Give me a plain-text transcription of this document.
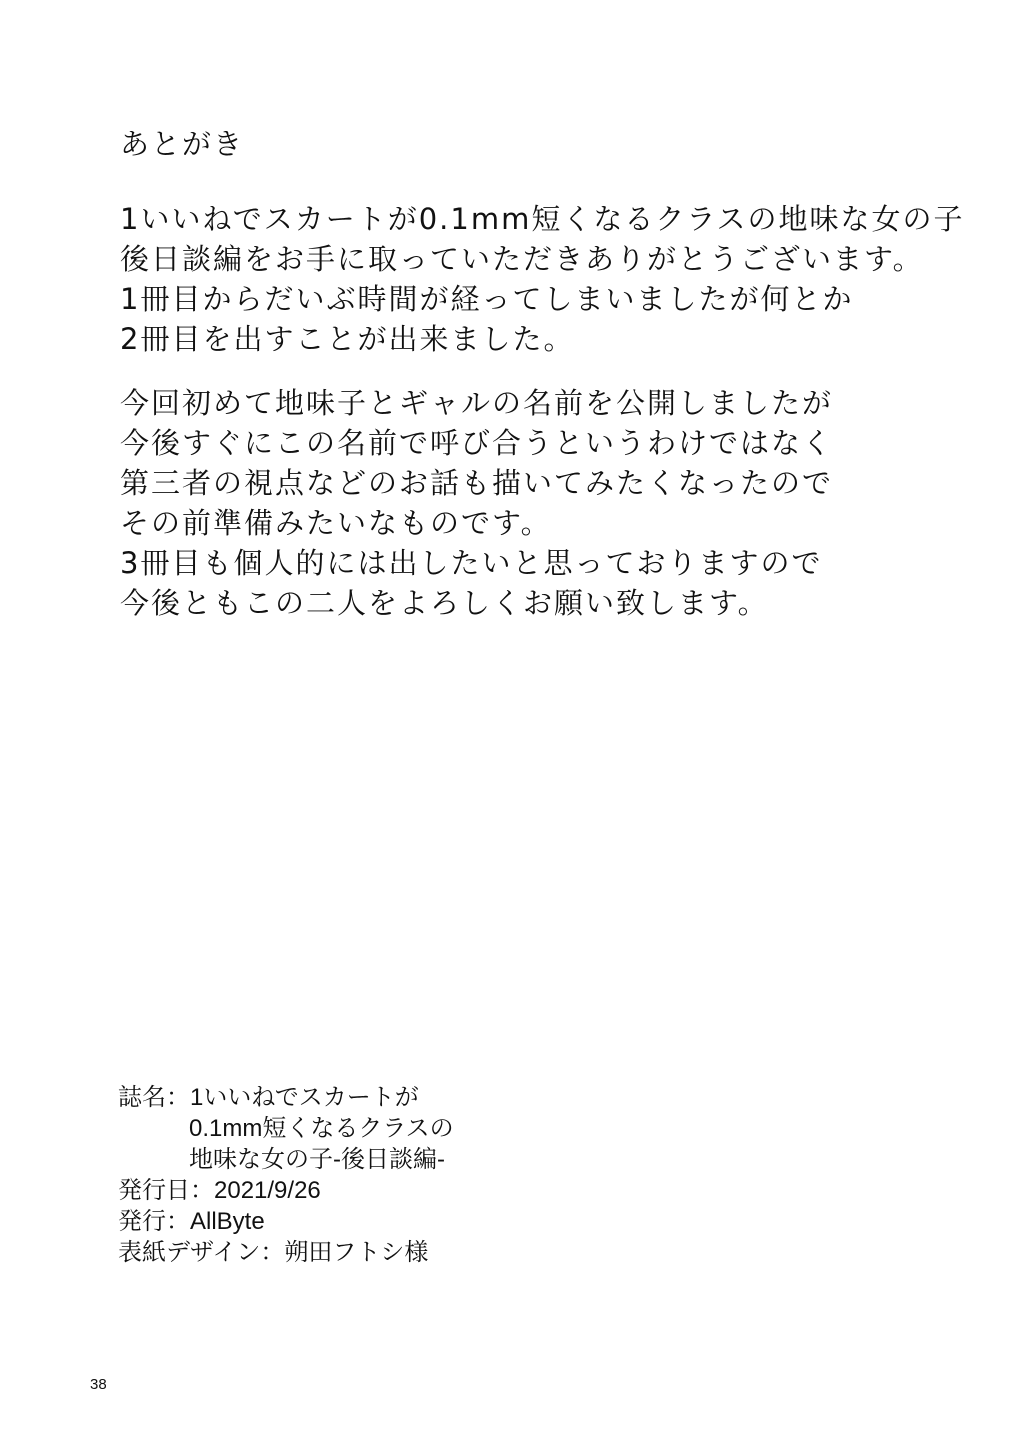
あとがき
1いいねでスカートが0.1mm短くなるクラスの地味な女の子
後日談編をお手に取っていただきありがとうございます。
1冊目からだいぶ時間が経ってしまいましたが何とか
2冊目を出すことが出来ました。
今回初めて地味子とギャルの名前を公開しましたが
今後すぐにこの名前で呼び合うというわけではなく
第三者の視点などのお話も描いてみたくなったので
その前準備みたいなものです。
3冊目も個人的には出したいと思っておりますので
今後ともこの二人をよろしくお願い致します。
誌名： 1いいねでスカートが
0.1mm短くなるクラスの
地味な女の子-後日談編-
発行日： 2021/9/26
発行： AllByte
表紙デザイン： 朔田フトシ様
38
